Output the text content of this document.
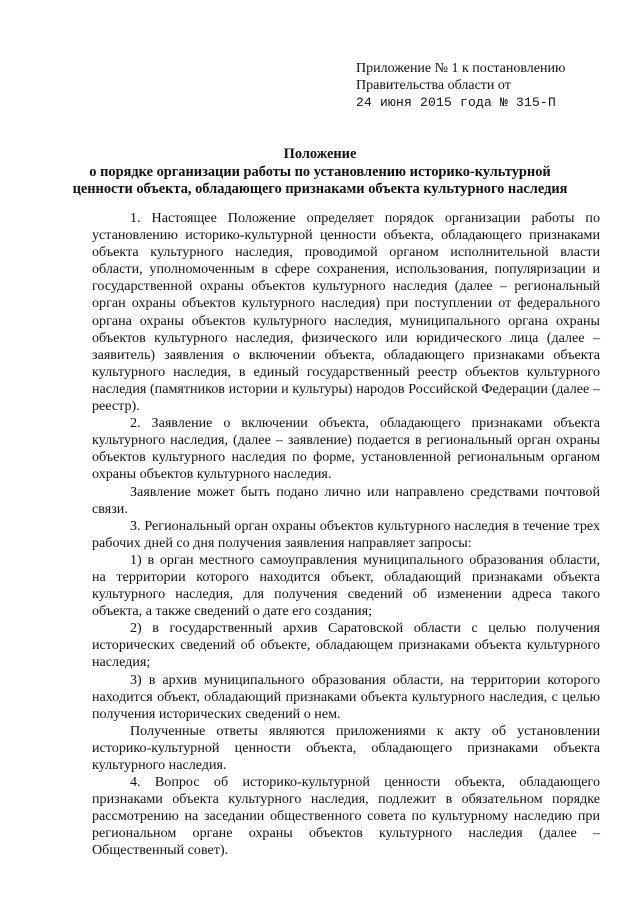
Приложение № 1 к постановлению
Правительства области от
24 июня 2015 года № 315-П
Положение
о порядке организации работы по установлению историко-культурной
ценности объекта, обладающего признаками объекта культурного наследия

1. Настоящее Положение определяет порядок организации работы по установлению историко-культурной ценности объекта, обладающего признаками объекта культурного наследия, проводимой органом исполнительной власти области, уполномоченным в сфере сохранения, использования, популяризации и государственной охраны объектов культурного наследия (далее – региональный орган охраны объектов культурного наследия) при поступлении от федерального органа охраны объектов культурного наследия, муниципального органа охраны объектов культурного наследия, физического или юридического лица (далее – заявитель) заявления о включении объекта, обладающего признаками объекта культурного наследия, в единый государственный реестр объектов культурного наследия (памятников истории и культуры) народов Российской Федерации (далее – реестр).

2. Заявление о включении объекта, обладающего признаками объекта культурного наследия, (далее – заявление) подается в региональный орган охраны объектов культурного наследия по форме, установленной региональным органом охраны объектов культурного наследия.

Заявление может быть подано лично или направлено средствами почтовой связи.

3. Региональный орган охраны объектов культурного наследия в течение трех рабочих дней со дня получения заявления направляет запросы:

1) в орган местного самоуправления муниципального образования области, на территории которого находится объект, обладающий признаками объекта культурного наследия, для получения сведений об изменении адреса такого объекта, а также сведений о дате его создания;

2) в государственный архив Саратовской области с целью получения исторических сведений об объекте, обладающем признаками объекта культурного наследия;

3) в архив муниципального образования области, на территории которого находится объект, обладающий признаками объекта культурного наследия, с целью получения исторических сведений о нем.

Полученные ответы являются приложениями к акту об установлении историко-культурной ценности объекта, обладающего признаками объекта культурного наследия.

4. Вопрос об историко-культурной ценности объекта, обладающего признаками объекта культурного наследия, подлежит в обязательном порядке рассмотрению на заседании общественного совета по культурному наследию при региональном органе охраны объектов культурного наследия (далее – Общественный совет).
